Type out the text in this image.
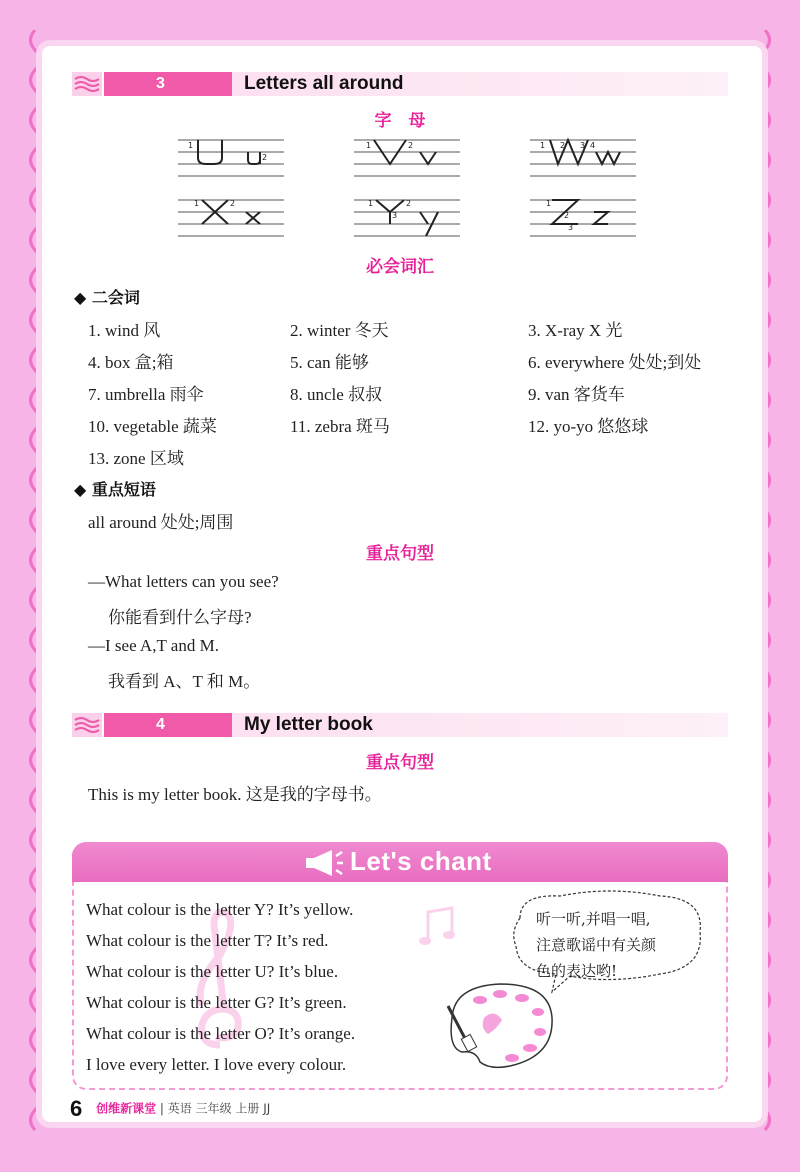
3	Letters all around
字　母
1
2
1	2	1 2 3 4
1	2	1	2
3
1
2
3
必会词汇
◆ 二会词
1. wind 风	2. winter 冬天	3. X-ray X 光
4. box 盒;箱	5. can 能够	6. everywhere 处处;到处
7. umbrella 雨伞	8. uncle 叔叔	9. van 客货车
10. vegetable 蔬菜	11. zebra 斑马	12. yo-yo 悠悠球
13. zone 区域
◆ 重点短语
all around 处处;周围
重点句型
—What letters can you see?
你能看到什么字母?
—I see A,T and M.
我看到 A、T 和 M。
4	My letter book
重点句型
This is my letter book. 这是我的字母书。
Let's chant
What colour is the letter Y? It’s yellow.
What colour is the letter T? It’s red.
What colour is the letter U? It’s blue.
What colour is the letter G? It’s green.
What colour is the letter O? It’s orange.
I love every letter. I love every colour.
听一听,并唱一唱,
注意歌谣中有关颜
色的表达哟!
6 创维新课堂 | 英语 三年级 上册 JJ
